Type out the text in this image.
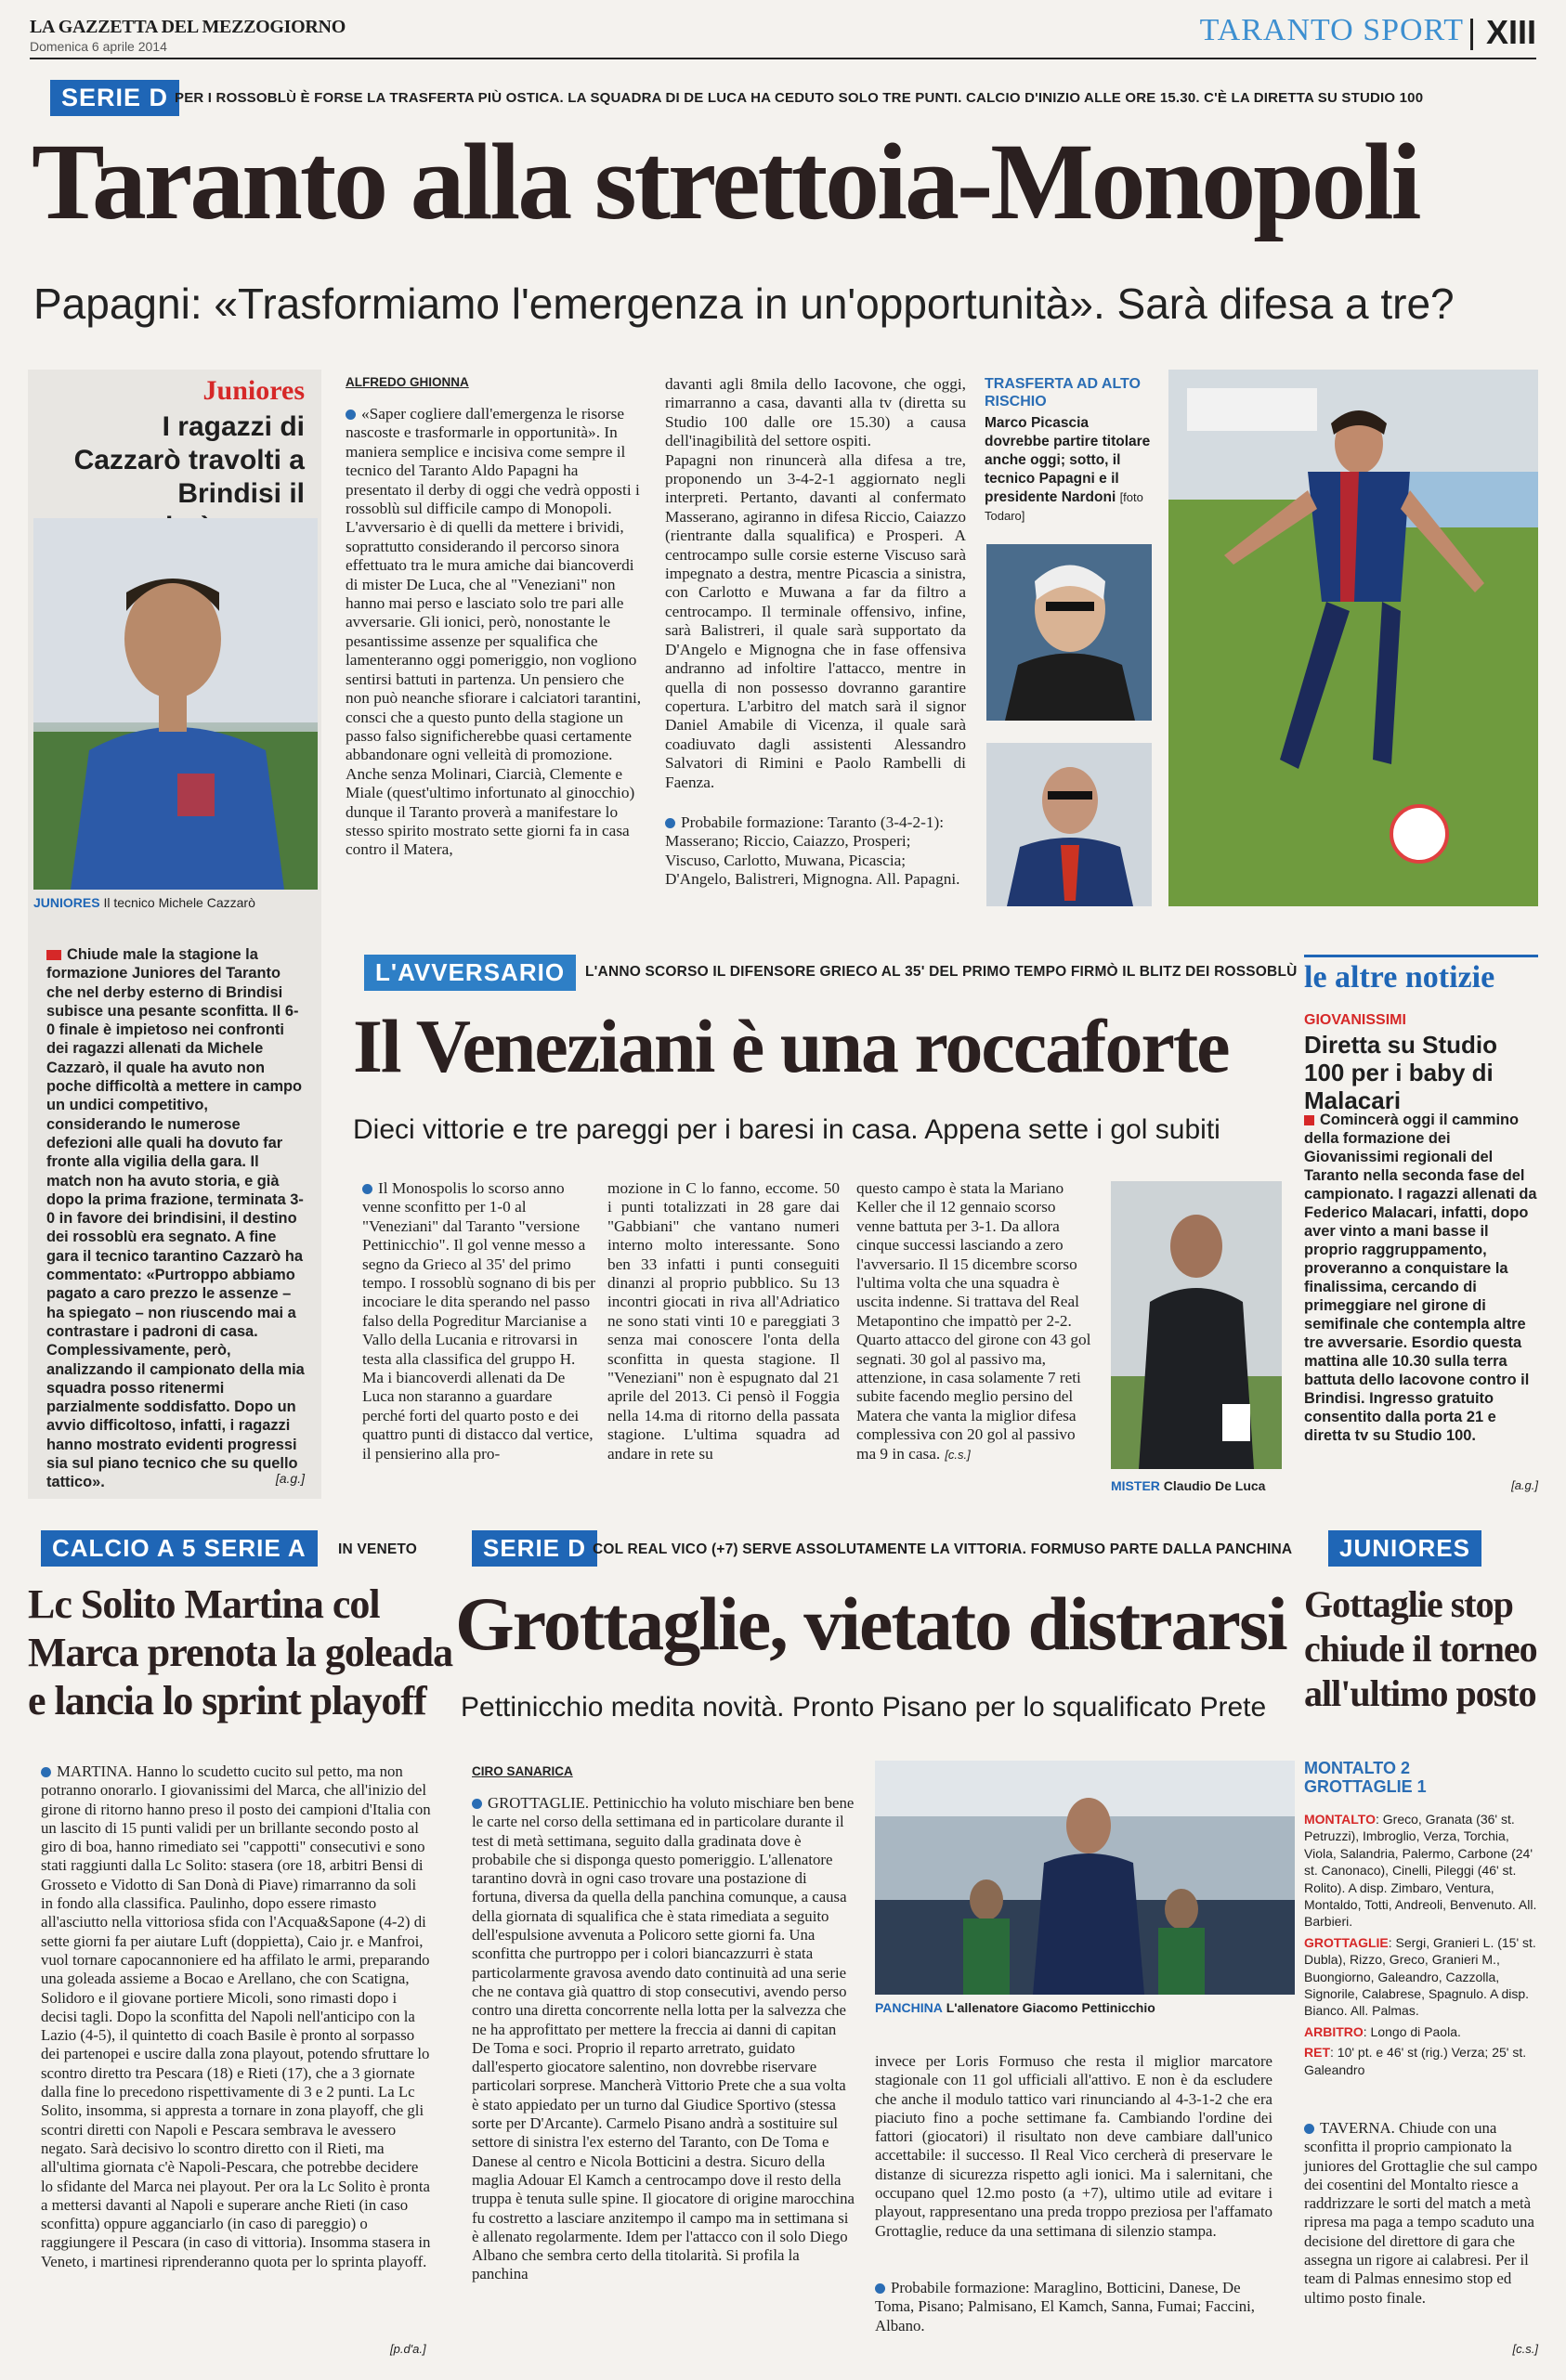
LA GAZZETTA DEL MEZZOGIORNO
Domenica 6 aprile 2014	TARANTO SPORT XIII
SERIE D PER I ROSSOBLÙ È FORSE LA TRASFERTA PIÙ OSTICA. LA SQUADRA DI DE LUCA HA CEDUTO SOLO TRE PUNTI. CALCIO D'INIZIO ALLE ORE 15.30. C'È LA DIRETTA SU STUDIO 100
Taranto alla strettoia-Monopoli
Papagni: «Trasformiamo l'emergenza in un'opportunità». Sarà difesa a tre?
Juniores
I ragazzi di Cazzarò travolti a Brindisi il
JUNIORES Il tecnico Michele Cazzarò
Chiude male la stagione la formazione Juniores del Taranto che nel derby esterno di Brindisi subisce una pesante sconfitta. Il 6-0 finale è impietoso nei confronti dei ragazzi allenati da Michele Cazzarò, il quale ha avuto non poche difficoltà a mettere in campo un undici competitivo, considerando le numerose defezioni alle quali ha dovuto far fronte alla vigilia della gara. Il match non ha avuto storia, e già dopo la prima frazione, terminata 3-0 in favore dei brindisini, il destino dei rossoblù era segnato. A fine gara il tecnico tarantino Cazzarò ha commentato: «Purtroppo abbiamo pagato a caro prezzo le assenze – ha spiegato – non riuscendo mai a contrastare i padroni di casa. Complessivamente, però, analizzando il campionato della mia squadra posso ritenermi parzialmente soddisfatto. Dopo un avvio difficoltoso, infatti, i ragazzi hanno mostrato evidenti progressi sia sul piano tecnico che su quello tattico».	[a.g.]
ALFREDO GHIONNA
«Saper cogliere dall'emergenza le risorse nascoste e trasformarle in opportunità». In maniera semplice e incisiva come sempre il tecnico del Taranto Aldo Papagni ha presentato il derby di oggi che vedrà opposti i rossoblù sul difficile campo di Monopoli. L'avversario è di quelli da mettere i brividi, soprattutto considerando il percorso sinora effettuato tra le mura amiche dai biancoverdi di mister De Luca, che al "Veneziani" non hanno mai perso e lasciato solo tre pari alle avversarie. Gli ionici, però, nonostante le pesantissime assenze per squalifica che lamenteranno oggi pomeriggio, non vogliono sentirsi battuti in partenza. Un pensiero che non può neanche sfiorare i calciatori tarantini, consci che a questo punto della stagione un passo falso significherebbe quasi certamente abbandonare ogni velleità di promozione. Anche senza Molinari, Ciarcià, Clemente e Miale (quest'ultimo infortunato al ginocchio) dunque il Taranto proverà a manifestare lo stesso spirito mostrato sette giorni fa in casa contro il Matera,
davanti agli 8mila dello Iacovone, che oggi, rimarranno a casa, davanti alla tv (diretta su Studio 100 dalle ore 15.30) a causa dell'inagibilità del settore ospiti.
Papagni non rinuncerà alla difesa a tre, proponendo un 3-4-2-1 aggiornato negli interpreti. Pertanto, davanti al confermato Masserano, agiranno in difesa Riccio, Caiazzo (rientrante dalla squalifica) e Prosperi. A centrocampo sulle corsie esterne Viscuso sarà impegnato a destra, mentre Picascia a sinistra, con Carlotto e Muwana a far da filtro a centrocampo. Il terminale offensivo, infine, sarà Balistreri, il quale sarà supportato da D'Angelo e Mignogna che in fase offensiva andranno ad infoltire l'attacco, mentre in quella di non possesso dovranno garantire copertura. L'arbitro del match sarà il signor Daniel Amabile di Vicenza, il quale sarà coadiuvato dagli assistenti Alessandro Salvatori di Rimini e Paolo Rambelli di Faenza.
Probabile formazione: Taranto (3-4-2-1): Masserano; Riccio, Caiazzo, Prosperi; Viscuso, Carlotto, Muwana, Picascia; D'Angelo, Balistreri, Mignogna. All. Papagni.
TRASFERTA AD ALTO RISCHIO
Marco Picascia dovrebbe partire titolare anche oggi; sotto, il tecnico Papagni e il presidente Nardoni [foto Todaro]
L'AVVERSARIO	L'ANNO SCORSO IL DIFENSORE GRIECO AL 35' DEL PRIMO TEMPO FIRMÒ IL BLITZ DEI ROSSOBLÙ
Il Veneziani è una roccaforte
Dieci vittorie e tre pareggi per i baresi in casa. Appena sette i gol subiti
Il Monospolis lo scorso anno venne sconfitto per 1-0 al "Veneziani" dal Taranto "versione Pettinicchio". Il gol venne messo a segno da Grieco al 35' del primo tempo. I rossoblù sognano di bis per incociare le dita sperando nel passo falso della Pogreditur Marcianise a Vallo della Lucania e ritrovarsi in testa alla classifica del gruppo H. Ma i biancoverdi allenati da De Luca non staranno a guardare perché forti del quarto posto e dei quattro punti di distacco dal vertice, il pensierino alla pro-
mozione in C lo fanno, eccome. 50 i punti totalizzati in 28 gare dai "Gabbiani" che vantano numeri interno molto interessante. Sono ben 33 infatti i punti conseguiti dinanzi al proprio pubblico. Su 13 incontri giocati in riva all'Adriatico ne sono stati vinti 10 e pareggiati 3 senza mai conoscere l'onta della sconfitta in questa stagione. Il "Veneziani" non è espugnato dal 21 aprile del 2013. Ci pensò il Foggia nella 14.ma di ritorno della passata stagione. L'ultima squadra ad andare in rete su
questo campo è stata la Mariano Keller che il 12 gennaio scorso venne battuta per 3-1. Da allora cinque successi lasciando a zero l'avversario. Il 15 dicembre scorso l'ultima volta che una squadra è uscita indenne. Si trattava del Real Metapontino che impattò per 2-2. Quarto attacco del girone con 43 gol segnati. 30 gol al passivo ma, attenzione, in casa solamente 7 reti subite facendo meglio persino del Matera che vanta la miglior difesa complessiva con 20 gol al passivo ma 9 in casa. [c.s.]
MISTER Claudio De Luca
le altre notizie
GIOVANISSIMI
Diretta su Studio 100 per i baby di Malacari
Comincerà oggi il cammino della formazione dei Giovanissimi regionali del Taranto nella seconda fase del campionato. I ragazzi allenati da Federico Malacari, infatti, dopo aver vinto a mani basse il proprio raggruppamento, proveranno a conquistare la finalissima, cercando di primeggiare nel girone di semifinale che contempla altre tre avversarie. Esordio questa mattina alle 10.30 sulla terra battuta dello Iacovone contro il Brindisi. Ingresso gratuito consentito dalla porta 21 e diretta tv su Studio 100.
[a.g.]
CALCIO A 5 SERIE A	IN VENETO
Lc Solito Martina col Marca prenota la goleada e lancia lo sprint playoff
MARTINA. Hanno lo scudetto cucito sul petto, ma non potranno onorarlo. I giovanissimi del Marca, che all'inizio del girone di ritorno hanno preso il posto dei campioni d'Italia con un lascito di 15 punti validi per un brillante secondo posto al giro di boa, hanno rimediato sei "cappotti" consecutivi e sono stati raggiunti dalla Lc Solito: stasera (ore 18, arbitri Bensi di Grosseto e Vidotto di San Donà di Piave) rimarranno da soli in fondo alla classifica. Paulinho, dopo essere rimasto all'asciutto nella vittoriosa sfida con l'Acqua&Sapone (4-2) di sette giorni fa per aiutare Luft (doppietta), Caio jr. e Manfroi, vuol tornare capocannoniere ed ha affilato le armi, preparando una goleada assieme a Bocao e Arellano, che con Scatigna, Solidoro e il giovane portiere Micoli, sono rimasti dopo i decisi tagli. Dopo la sconfitta del Napoli nell'anticipo con la Lazio (4-5), il quintetto di coach Basile è pronto al sorpasso dei partenopei e uscire dalla zona playout, potendo sfruttare lo scontro diretto tra Pescara (18) e Rieti (17), che a 3 giornate dalla fine lo precedono rispettivamente di 3 e 2 punti. La Lc Solito, insomma, si appresta a tornare in zona playoff, che gli scontri diretti con Napoli e Pescara sembrava le avessero negato. Sarà decisivo lo scontro diretto con il Rieti, ma all'ultima giornata c'è Napoli-Pescara, che potrebbe decidere lo sfidante del Marca nei playout. Per ora la Lc Solito è pronta a mettersi davanti al Napoli e superare anche Rieti (in caso sconfitta) oppure agganciarlo (in caso di pareggio) o raggiungere il Pescara (in caso di vittoria). Insomma stasera in Veneto, i martinesi riprenderanno quota per lo sprinta playoff.
[p.d'a.]
SERIE D COL REAL VICO (+7) SERVE ASSOLUTAMENTE LA VITTORIA. FORMUSO PARTE DALLA PANCHINA
Grottaglie, vietato distrarsi
Pettinicchio medita novità. Pronto Pisano per lo squalificato Prete
CIRO SANARICA
GROTTAGLIE. Pettinicchio ha voluto mischiare ben bene le carte nel corso della settimana ed in particolare durante il test di metà settimana, seguito dalla gradinata dove è probabile che si disponga questo pomeriggio. L'allenatore tarantino dovrà in ogni caso trovare una postazione di fortuna, diversa da quella della panchina comunque, a causa della giornata di squalifica che è stata rimediata a seguito dell'espulsione avvenuta a Policoro sette giorni fa. Una sconfitta che purtroppo per i colori biancazzurri è stata particolarmente gravosa avendo dato continuità ad una serie che ne contava già quattro di stop consecutivi, avendo perso contro una diretta concorrente nella lotta per la salvezza che ne ha approfittato per mettere la freccia ai danni di capitan De Toma e soci. Proprio il reparto arretrato, guidato dall'esperto giocatore salentino, non dovrebbe riservare particolari sorprese. Mancherà Vittorio Prete che a sua volta è stato appiedato per un turno dal Giudice Sportivo (stessa sorte per D'Arcante). Carmelo Pisano andrà a sostituire sul settore di sinistra l'ex esterno del Taranto, con De Toma e Danese al centro e Nicola Botticini a destra. Sicuro della maglia Adouar El Kamch a centrocampo dove il resto della truppa è tenuta sulle spine. Il giocatore di origine marocchina fu costretto a lasciare anzitempo il campo ma in settimana si è allenato regolarmente. Idem per l'attacco con il solo Diego Albano che sembra certo della titolarità. Si profila la panchina
PANCHINA L'allenatore Giacomo Pettinicchio
invece per Loris Formuso che resta il miglior marcatore stagionale con 11 gol ufficiali all'attivo. E non è da escludere che anche il modulo tattico vari rinunciando al 4-3-1-2 che era piaciuto fino a poche settimane fa. Cambiando l'ordine dei fattori (giocatori) il risultato non deve cambiare dall'unico accettabile: il successo. Il Real Vico cercherà di preservare le distanze di sicurezza rispetto agli ionici. Ma i salernitani, che occupano quel 12.mo posto (a +7), ultimo utile ad evitare i playout, rappresentano una preda troppo preziosa per l'affamato Grottaglie, reduce da una settimana di silenzio stampa.
Probabile formazione: Maraglino, Botticini, Danese, De Toma, Pisano; Palmisano, El Kamch, Sanna, Fumai; Faccini, Albano.
JUNIORES
Gottaglie stop chiude il torneo all'ultimo posto
MONTALTO 2
GROTTAGLIE 1
MONTALTO: Greco, Granata (36' st. Petruzzi), Imbroglio, Verza, Torchia, Viola, Salandria, Palermo, Carbone (24' st. Canonaco), Cinelli, Pileggi (46' st. Rolito). A disp. Zimbaro, Ventura, Montaldo, Totti, Andreoli, Benvenuto. All. Barbieri.
GROTTAGLIE: Sergi, Granieri L. (15' st. Dubla), Rizzo, Greco, Granieri M., Buongiorno, Galeandro, Cazzolla, Signorile, Calabrese, Spagnulo. A disp. Bianco. All. Palmas.
ARBITRO: Longo di Paola.
RET: 10' pt. e 46' st (rig.) Verza; 25' st. Galeandro
TAVERNA. Chiude con una sconfitta il proprio campionato la juniores del Grottaglie che sul campo dei cosentini del Montalto riesce a raddrizzare le sorti del match a metà ripresa ma paga a tempo scaduto una decisione del direttore di gara che assegna un rigore ai calabresi. Per il team di Palmas ennesimo stop ed ultimo posto finale.
[c.s.]
